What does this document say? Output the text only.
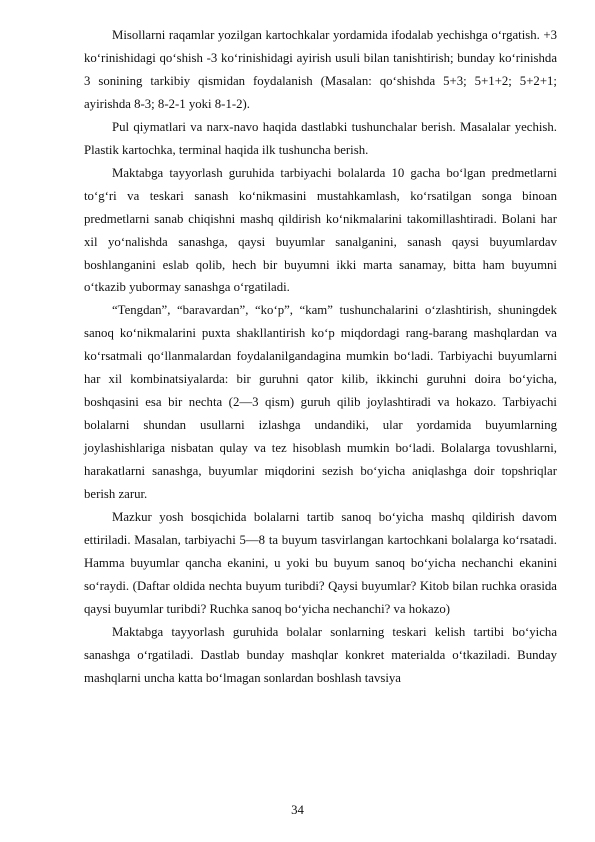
Misollarni raqamlar yozilgan kartochkalar yordamida ifodalab yechishga o‘rgatish. +3 ko‘rinishidagi qo‘shish -3 ko‘rinishidagi ayirish usuli bilan tanishtirish; bunday ko‘rinishda 3 sonining tarkibiy qismidan foydalanish (Masalan: qo‘shishda 5+3; 5+1+2; 5+2+1; ayirishda 8-3; 8-2-1 yoki 8-1-2).

Pul qiymatlari va narx-navo haqida dastlabki tushunchalar berish. Masalalar yechish. Plastik kartochka, terminal haqida ilk tushuncha berish.

Maktabga tayyorlash guruhida tarbiyachi bolalarda 10 gacha bo‘lgan predmetlarni to‘g‘ri va teskari sanash ko‘nikmasini mustahkamlash, ko‘rsatilgan songa binoan predmetlarni sanab chiqishni mashq qildirish ko‘nikmalarini takomillashtiradi. Bolani har xil yo‘nalishda sanashga, qaysi buyumlar sanalganini, sanash qaysi buyumlardav boshlanganini eslab qolib, hech bir buyumni ikki marta sanamay, bitta ham buyumni o‘tkazib yubormay sanashga o‘rgatiladi.

“Tengdan”, “baravardan”, “ko‘p”, “kam” tushunchalarini o‘zlashtirish, shuningdek sanoq ko‘nikmalarini puxta shakllantirish ko‘p miqdordagi rang-barang mashqlardan va ko‘rsatmali qo‘llanmalardan foydalanilgandagina mumkin bo‘ladi. Tarbiyachi buyumlarni har xil kombinatsiyalarda: bir guruhni qator kilib, ikkinchi guruhni doira bo‘yicha, boshqasini esa bir nechta (2—3 qism) guruh qilib joylashtiradi va hokazo. Tarbiyachi bolalarni shundan usullarni izlashga undandiki, ular yordamida buyumlarning joylashishlariga nisbatan qulay va tez hisoblash mumkin bo‘ladi. Bolalarga tovushlarni, harakatlarni sanashga, buyumlar miqdorini sezish bo‘yicha aniqlashga doir topshriqlar berish zarur.

Mazkur yosh bosqichida bolalarni tartib sanoq bo‘yicha mashq qildirish davom ettiriladi. Masalan, tarbiyachi 5—8 ta buyum tasvirlangan kartochkani bolalarga ko‘rsatadi. Hamma buyumlar qancha ekanini, u yoki bu buyum sanoq bo‘yicha nechanchi ekanini so‘raydi. (Daftar oldida nechta buyum turibdi? Qaysi buyumlar? Kitob bilan ruchka orasida qaysi buyumlar turibdi? Ruchka sanoq bo‘yicha nechanchi? va hokazo)

Maktabga tayyorlash guruhida bolalar sonlarning teskari kelish tartibi bo‘yicha sanashga o‘rgatiladi. Dastlab bunday mashqlar konkret materialda o‘tkaziladi. Bunday mashqlarni uncha katta bo‘lmagan sonlardan boshlash tavsiya

34
